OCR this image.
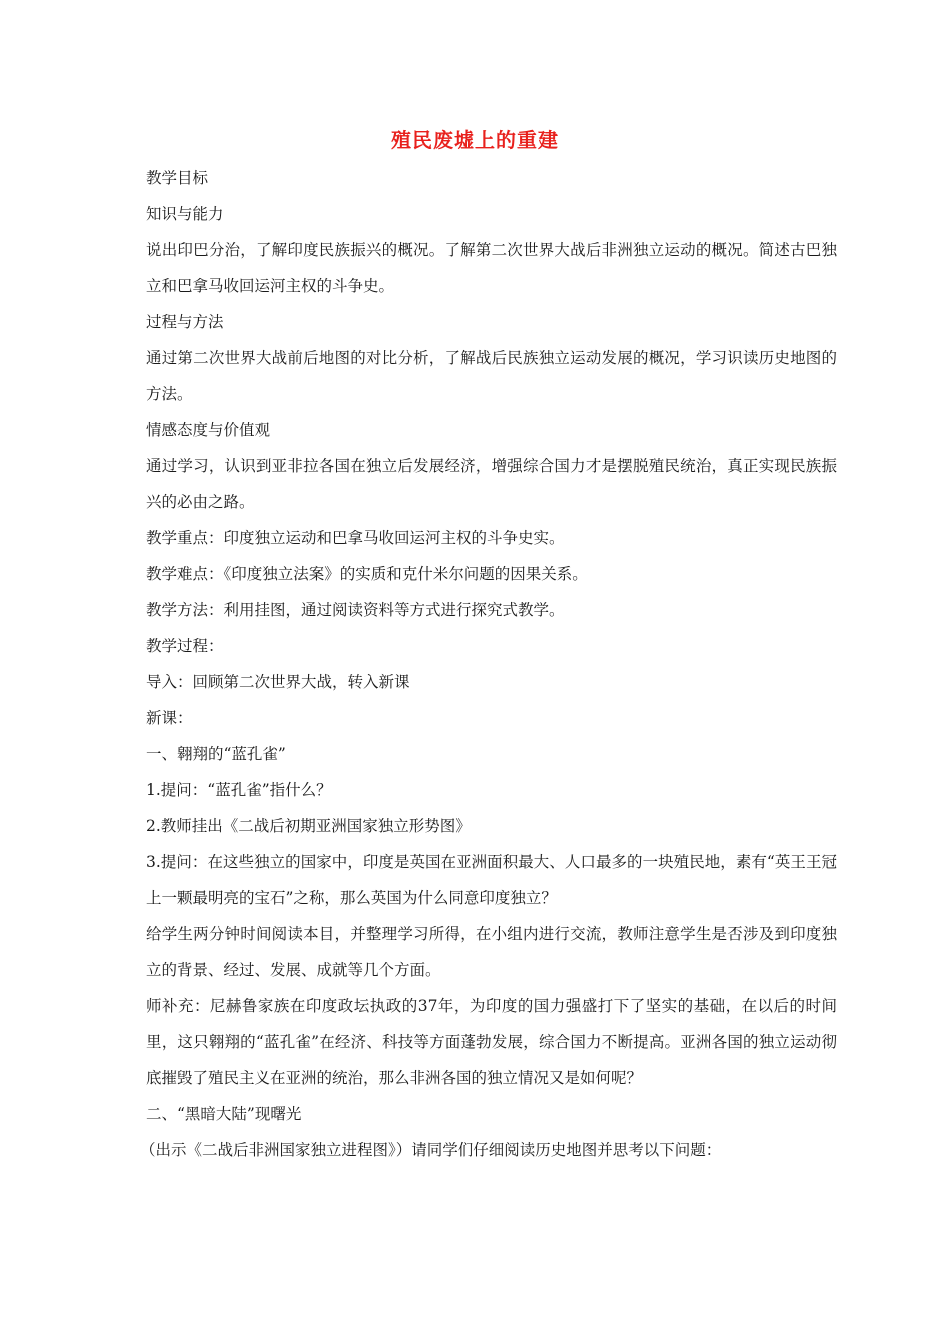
殖民废墟上的重建

教学目标

知识与能力

说出印巴分治，了解印度民族振兴的概况。了解第二次世界大战后非洲独立运动的概况。简述古巴独立和巴拿马收回运河主权的斗争史。

过程与方法

通过第二次世界大战前后地图的对比分析，了解战后民族独立运动发展的概况，学习识读历史地图的方法。

情感态度与价值观

通过学习，认识到亚非拉各国在独立后发展经济，增强综合国力才是摆脱殖民统治，真正实现民族振兴的必由之路。

教学重点：印度独立运动和巴拿马收回运河主权的斗争史实。

教学难点：《印度独立法案》的实质和克什米尔问题的因果关系。

教学方法：利用挂图，通过阅读资料等方式进行探究式教学。

教学过程：

导入：回顾第二次世界大战，转入新课

新课：

一、翱翔的“蓝孔雀”

1.提问：“蓝孔雀”指什么？

2.教师挂出《二战后初期亚洲国家独立形势图》

3.提问：在这些独立的国家中，印度是英国在亚洲面积最大、人口最多的一块殖民地，素有“英王王冠上一颗最明亮的宝石”之称，那么英国为什么同意印度独立？

给学生两分钟时间阅读本目，并整理学习所得，在小组内进行交流，教师注意学生是否涉及到印度独立的背景、经过、发展、成就等几个方面。

师补充：尼赫鲁家族在印度政坛执政的37年，为印度的国力强盛打下了坚实的基础，在以后的时间里，这只翱翔的“蓝孔雀”在经济、科技等方面蓬勃发展，综合国力不断提高。亚洲各国的独立运动彻底摧毁了殖民主义在亚洲的统治，那么非洲各国的独立情况又是如何呢？

二、“黑暗大陆”现曙光

（出示《二战后非洲国家独立进程图》）请同学们仔细阅读历史地图并思考以下问题：
